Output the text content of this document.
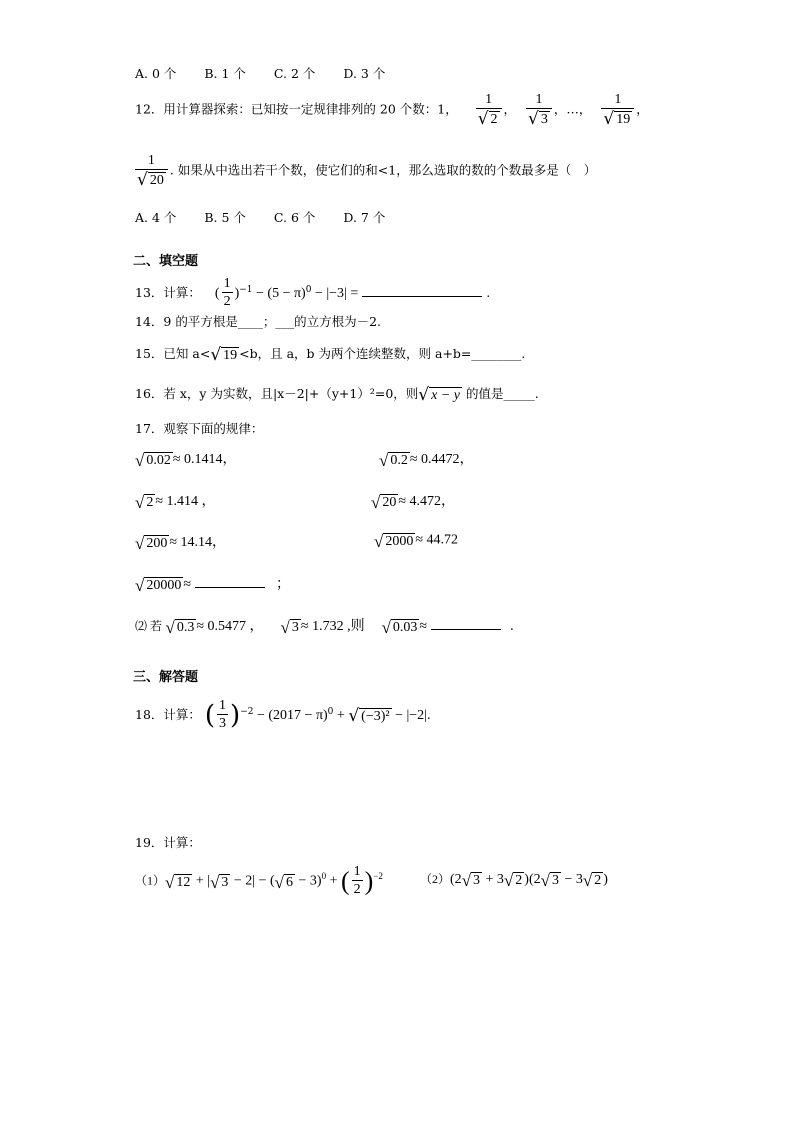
A. 0 个 B. 1 个 C. 2 个 D. 3 个
12．用计算器探索：已知按一定规律排列的 20 个数：1， $\frac{1}{√ 2}$ ， $\frac{1}{√ 3}$ ，…， $\frac{1}{√ 19}$ ，
$\frac{1}{√ 20}$ . 如果从中选出若干个数，使它们的和<1，那么选取的数的个数最多是（　）
A. 4 个 B. 5 个 C. 6 个 D. 7 个
二、填空题
13．计算： ( $\frac{1}{2} )^{-1} - (5 - \pi)^0 - |-3|$ =	.
14．9 的平方根是____；___的立方根为－2.
15．已知 a< √ 19 <b，且 a，b 为两个连续整数，则 a+b=________.
16．若 x，y 为实数，且|x－2|+（y+1）²=0，则 √ x − y 的值是_____.
17．观察下面的规律：
√ 0.02 ≈ 0.1414，	√ 0.2 ≈ 0.4472，
√ 2 ≈ 1.414 ，	√ 20 ≈ 4.472，
√ 200 ≈ 14.14，	√ 2000 ≈ 44.72
√ 20000 ≈	；
⑵ 若 √ 0.3 ≈ 0.5477 ， √ 3 ≈ 1.732 ,则 √ 0.03 ≈	.
三、解答题
18．计算： ( $\frac{1}{3} )^{-2} - (2017 - \pi)^0$ + √ (−3)² − |−2|.
19．计算：
（1） √ 12 + | √ 3 − 2| − ( √ 6 − 3)$^0$ + ( $\frac{1}{2} )^{-2}$	（2）(2 √ 3 + 3 √ 2 )(2 √ 3 − 3 √ 2 )
